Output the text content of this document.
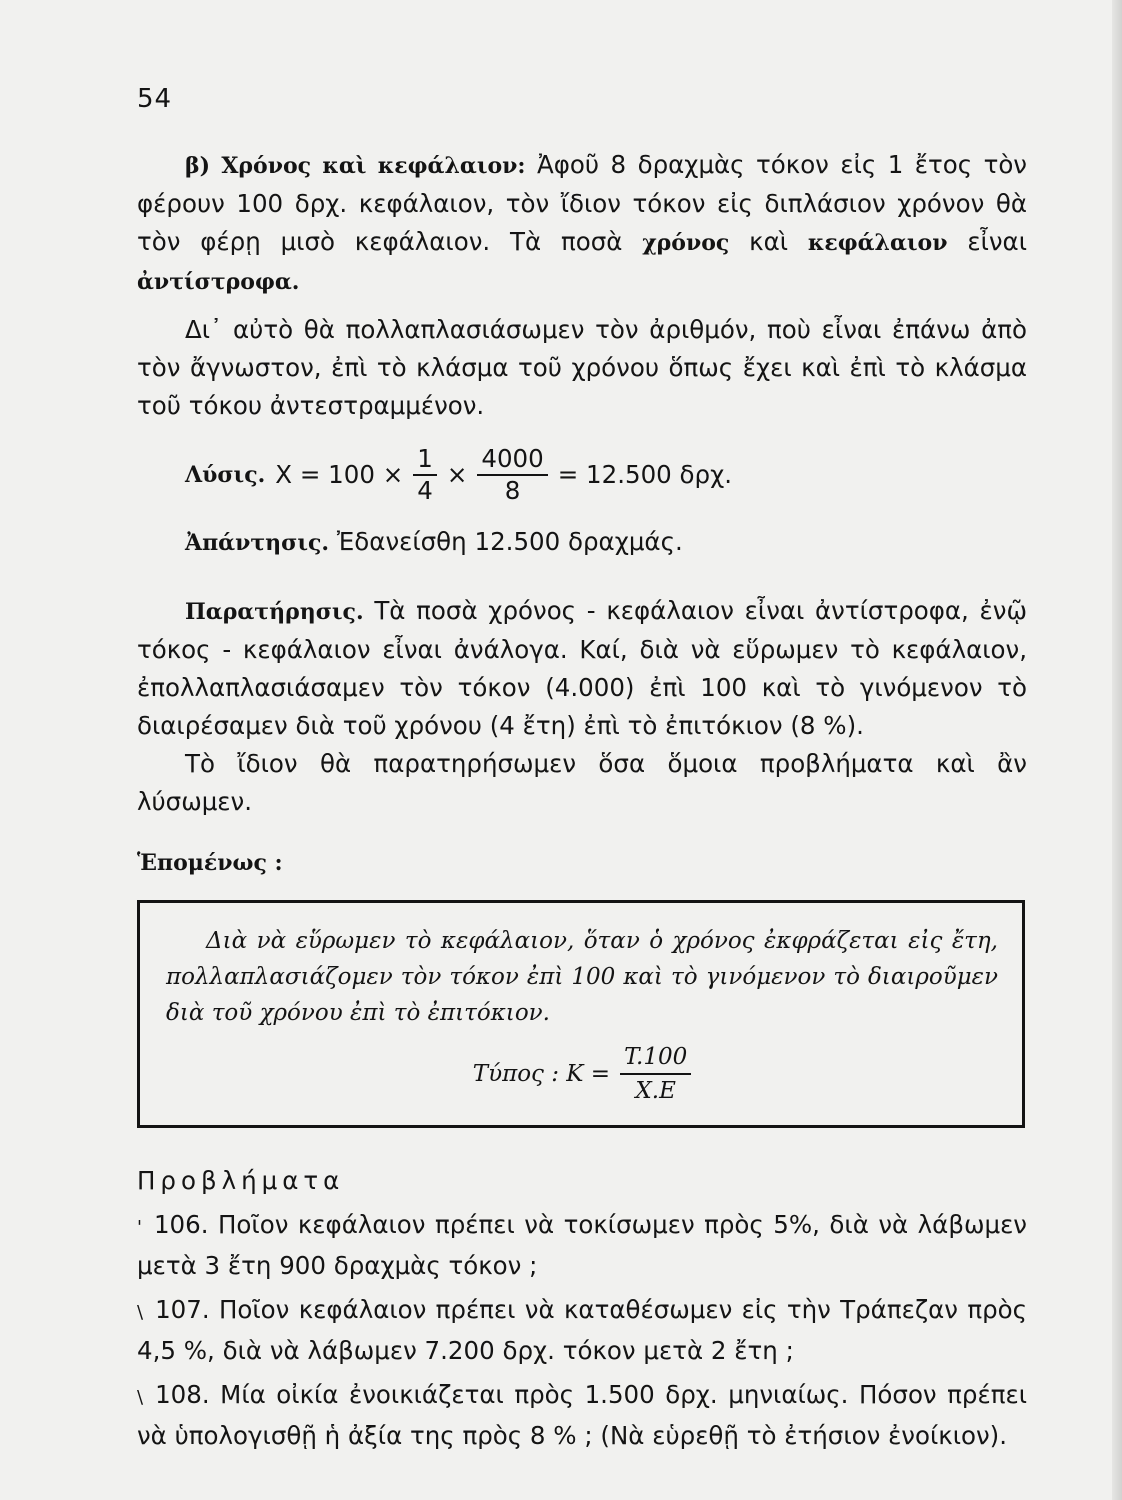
54

β) Χρόνος καὶ κεφάλαιον: Ἀφοῦ 8 δραχμὰς τόκον εἰς 1 ἔτος τὸν φέρουν 100 δρχ. κεφάλαιον, τὸν ἴδιον τόκον εἰς διπλάσιον χρόνον θὰ τὸν φέρῃ μισὸ κεφάλαιον. Τὰ ποσὰ χρόνος καὶ κεφάλαιον εἶναι ἀντίστροφα.

Δι᾿ αὐτὸ θὰ πολλαπλασιάσωμεν τὸν ἀριθμόν, ποὺ εἶναι ἐπάνω ἀπὸ τὸν ἄγνωστον, ἐπὶ τὸ κλάσμα τοῦ χρόνου ὅπως ἔχει καὶ ἐπὶ τὸ κλάσμα τοῦ τόκου ἀντεστραμμένον.

Λύσις. $X = 100 \times \frac{1}{4} \times \frac{4000}{8} = 12.500$ δρχ.

Ἀπάντησις. Ἐδανείσθη 12.500 δραχμάς.

Παρατήρησις. Τὰ ποσὰ χρόνος - κεφάλαιον εἶναι ἀντίστροφα, ἐνῷ τόκος - κεφάλαιον εἶναι ἀνάλογα. Καί, διὰ νὰ εὕρωμεν τὸ κεφάλαιον, ἐπολλαπλασιάσαμεν τὸν τόκον (4.000) ἐπὶ 100 καὶ τὸ γινόμενον τὸ διαιρέσαμεν διὰ τοῦ χρόνου (4 ἔτη) ἐπὶ τὸ ἐπιτόκιον (8 %).

Τὸ ἴδιον θὰ παρατηρήσωμεν ὅσα ὅμοια προβλήματα καὶ ἂν λύσωμεν.

Ἑπομένως :

Διὰ νὰ εὕρωμεν τὸ κεφάλαιον, ὅταν ὁ χρόνος ἐκφράζεται εἰς ἔτη, πολλαπλασιάζομεν τὸν τόκον ἐπὶ 100 καὶ τὸ γινόμενον τὸ διαιροῦμεν διὰ τοῦ χρόνου ἐπὶ τὸ ἐπιτόκιον.
Τύπος : $K = \frac{T.100}{X.E}$

Προβλήματα

' 106. Ποῖον κεφάλαιον πρέπει νὰ τοκίσωμεν πρὸς 5%, διὰ νὰ λάβωμεν μετὰ 3 ἔτη 900 δραχμὰς τόκον ;

\ 107. Ποῖον κεφάλαιον πρέπει νὰ καταθέσωμεν εἰς τὴν Τράπεζαν πρὸς 4,5 %, διὰ νὰ λάβωμεν 7.200 δρχ. τόκον μετὰ 2 ἔτη ;

\ 108. Μία οἰκία ἐνοικιάζεται πρὸς 1.500 δρχ. μηνιαίως. Πόσον πρέπει νὰ ὑπολογισθῇ ἡ ἀξία της πρὸς 8 % ; (Νὰ εὑρεθῇ τὸ ἐτήσιον ἐνοίκιον).
